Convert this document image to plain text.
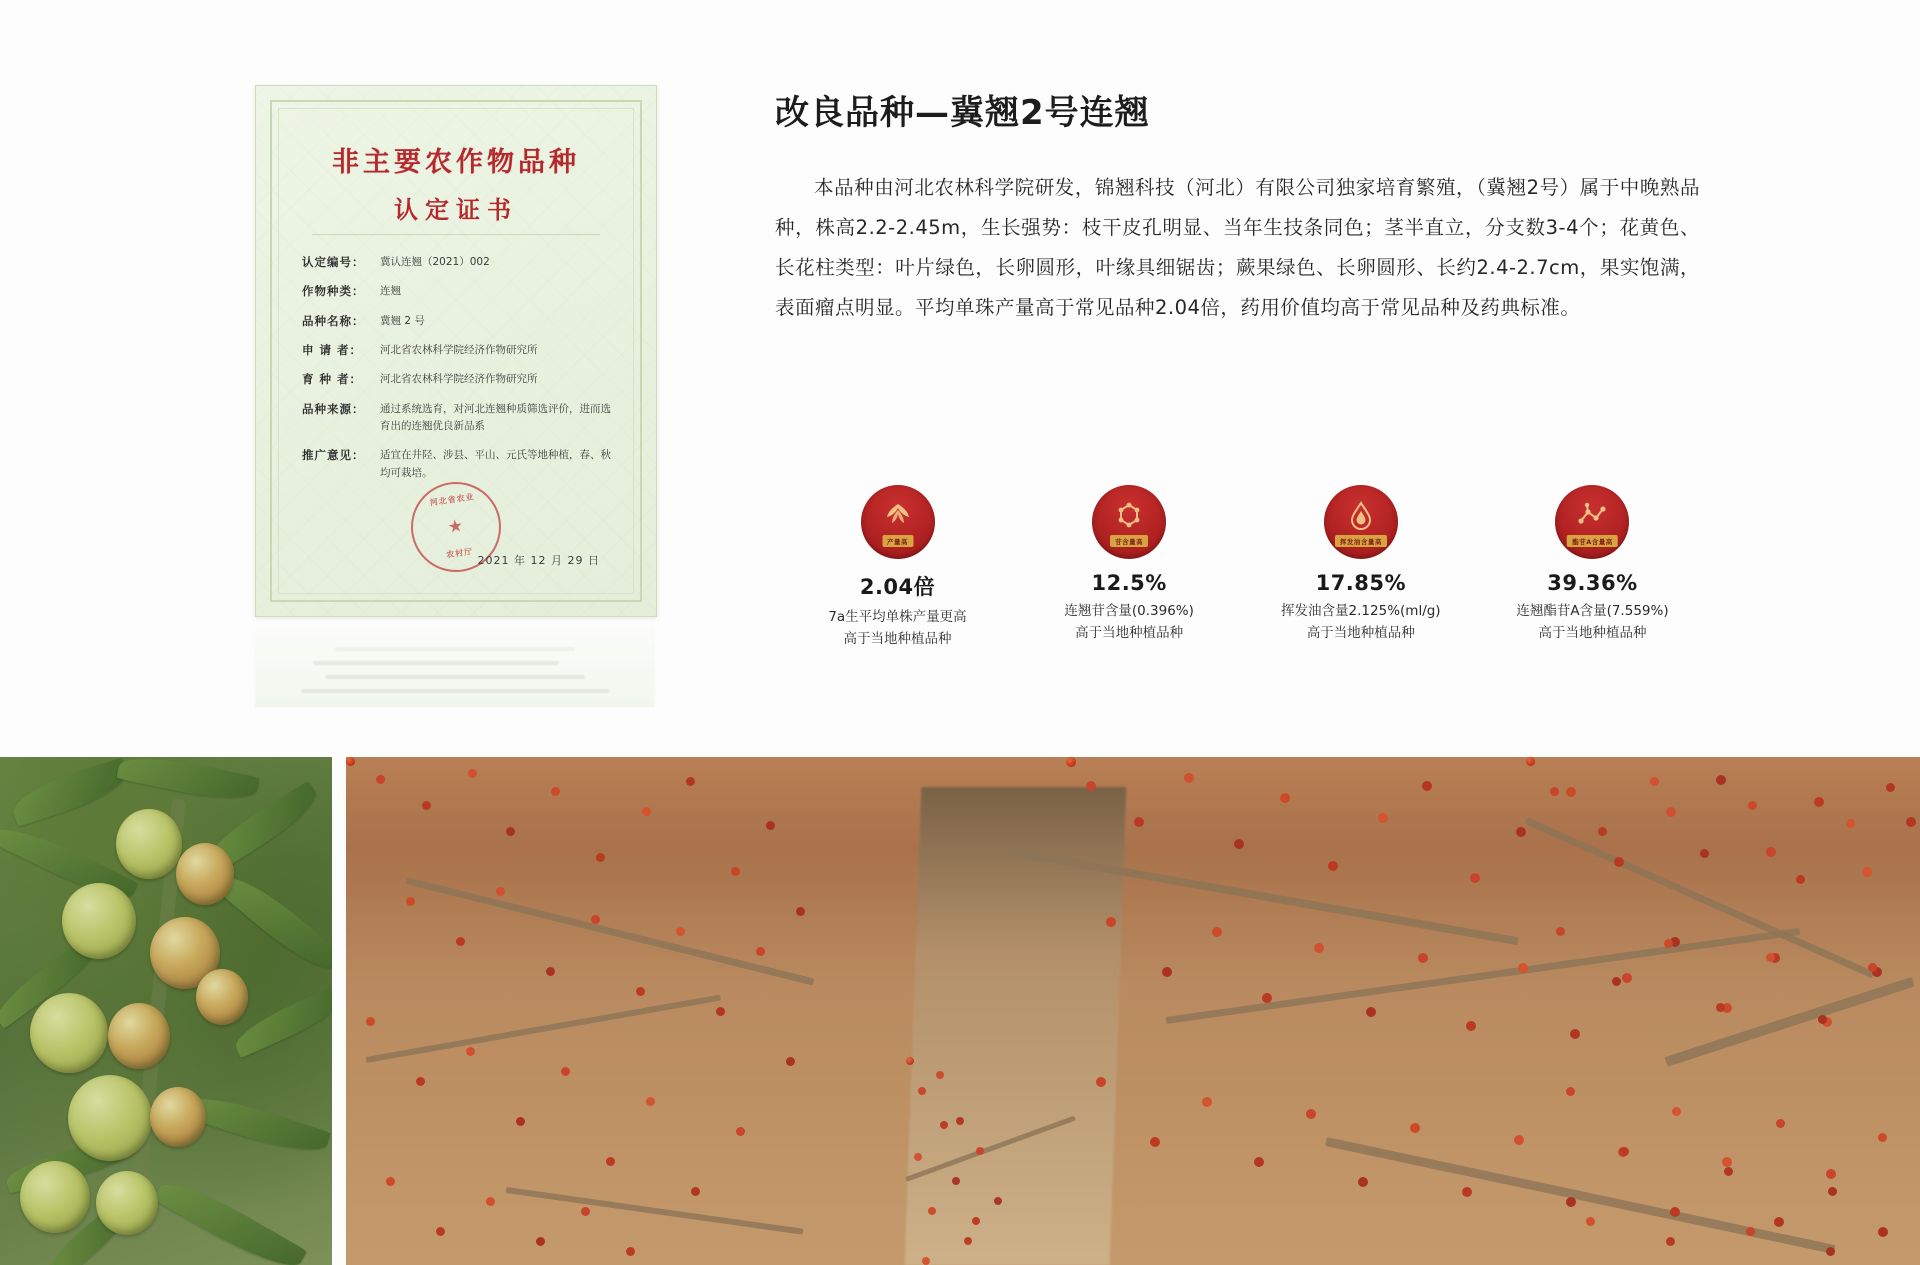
非主要农作物品种
认定证书
认定编号：	冀认连翘（2021）002
作物种类：	连翘
品种名称：	冀翘 2 号
申 请 者：	河北省农林科学院经济作物研究所
育 种 者：	河北省农林科学院经济作物研究所
品种来源：	通过系统选育，对河北连翘种质筛选评价，进而选育出的连翘优良新品系
推广意见：	适宜在井陉、涉县、平山、元氏等地种植，春、秋均可栽培。
河北省农业
★
农村厅
2021 年 12 月 29 日
改良品种—冀翘2号连翘

本品种由河北农林科学院研发，锦翘科技（河北）有限公司独家培育繁殖，（冀翘2号）属于中晚熟品种，株高2.2-2.45m，生长强势：枝干皮孔明显、当年生技条同色；茎半直立，分支数3-4个；花黄色、长花柱类型：叶片绿色，长卵圆形，叶缘具细锯齿；蕨果绿色、长卵圆形、长约2.4-2.7cm，果实饱满，表面瘤点明显。平均单珠产量高于常见品种2.04倍，药用价值均高于常见品种及药典标准。

产量高
2.04倍
7a生平均单株产量更高
高于当地种植品种
苷含量高
12.5%
连翘苷含量(0.396%)
高于当地种植品种
挥发油含量高
17.85%
挥发油含量2.125%(ml/g)
高于当地种植品种
酯苷A含量高
39.36%
连翘酯苷A含量(7.559%)
高于当地种植品种
